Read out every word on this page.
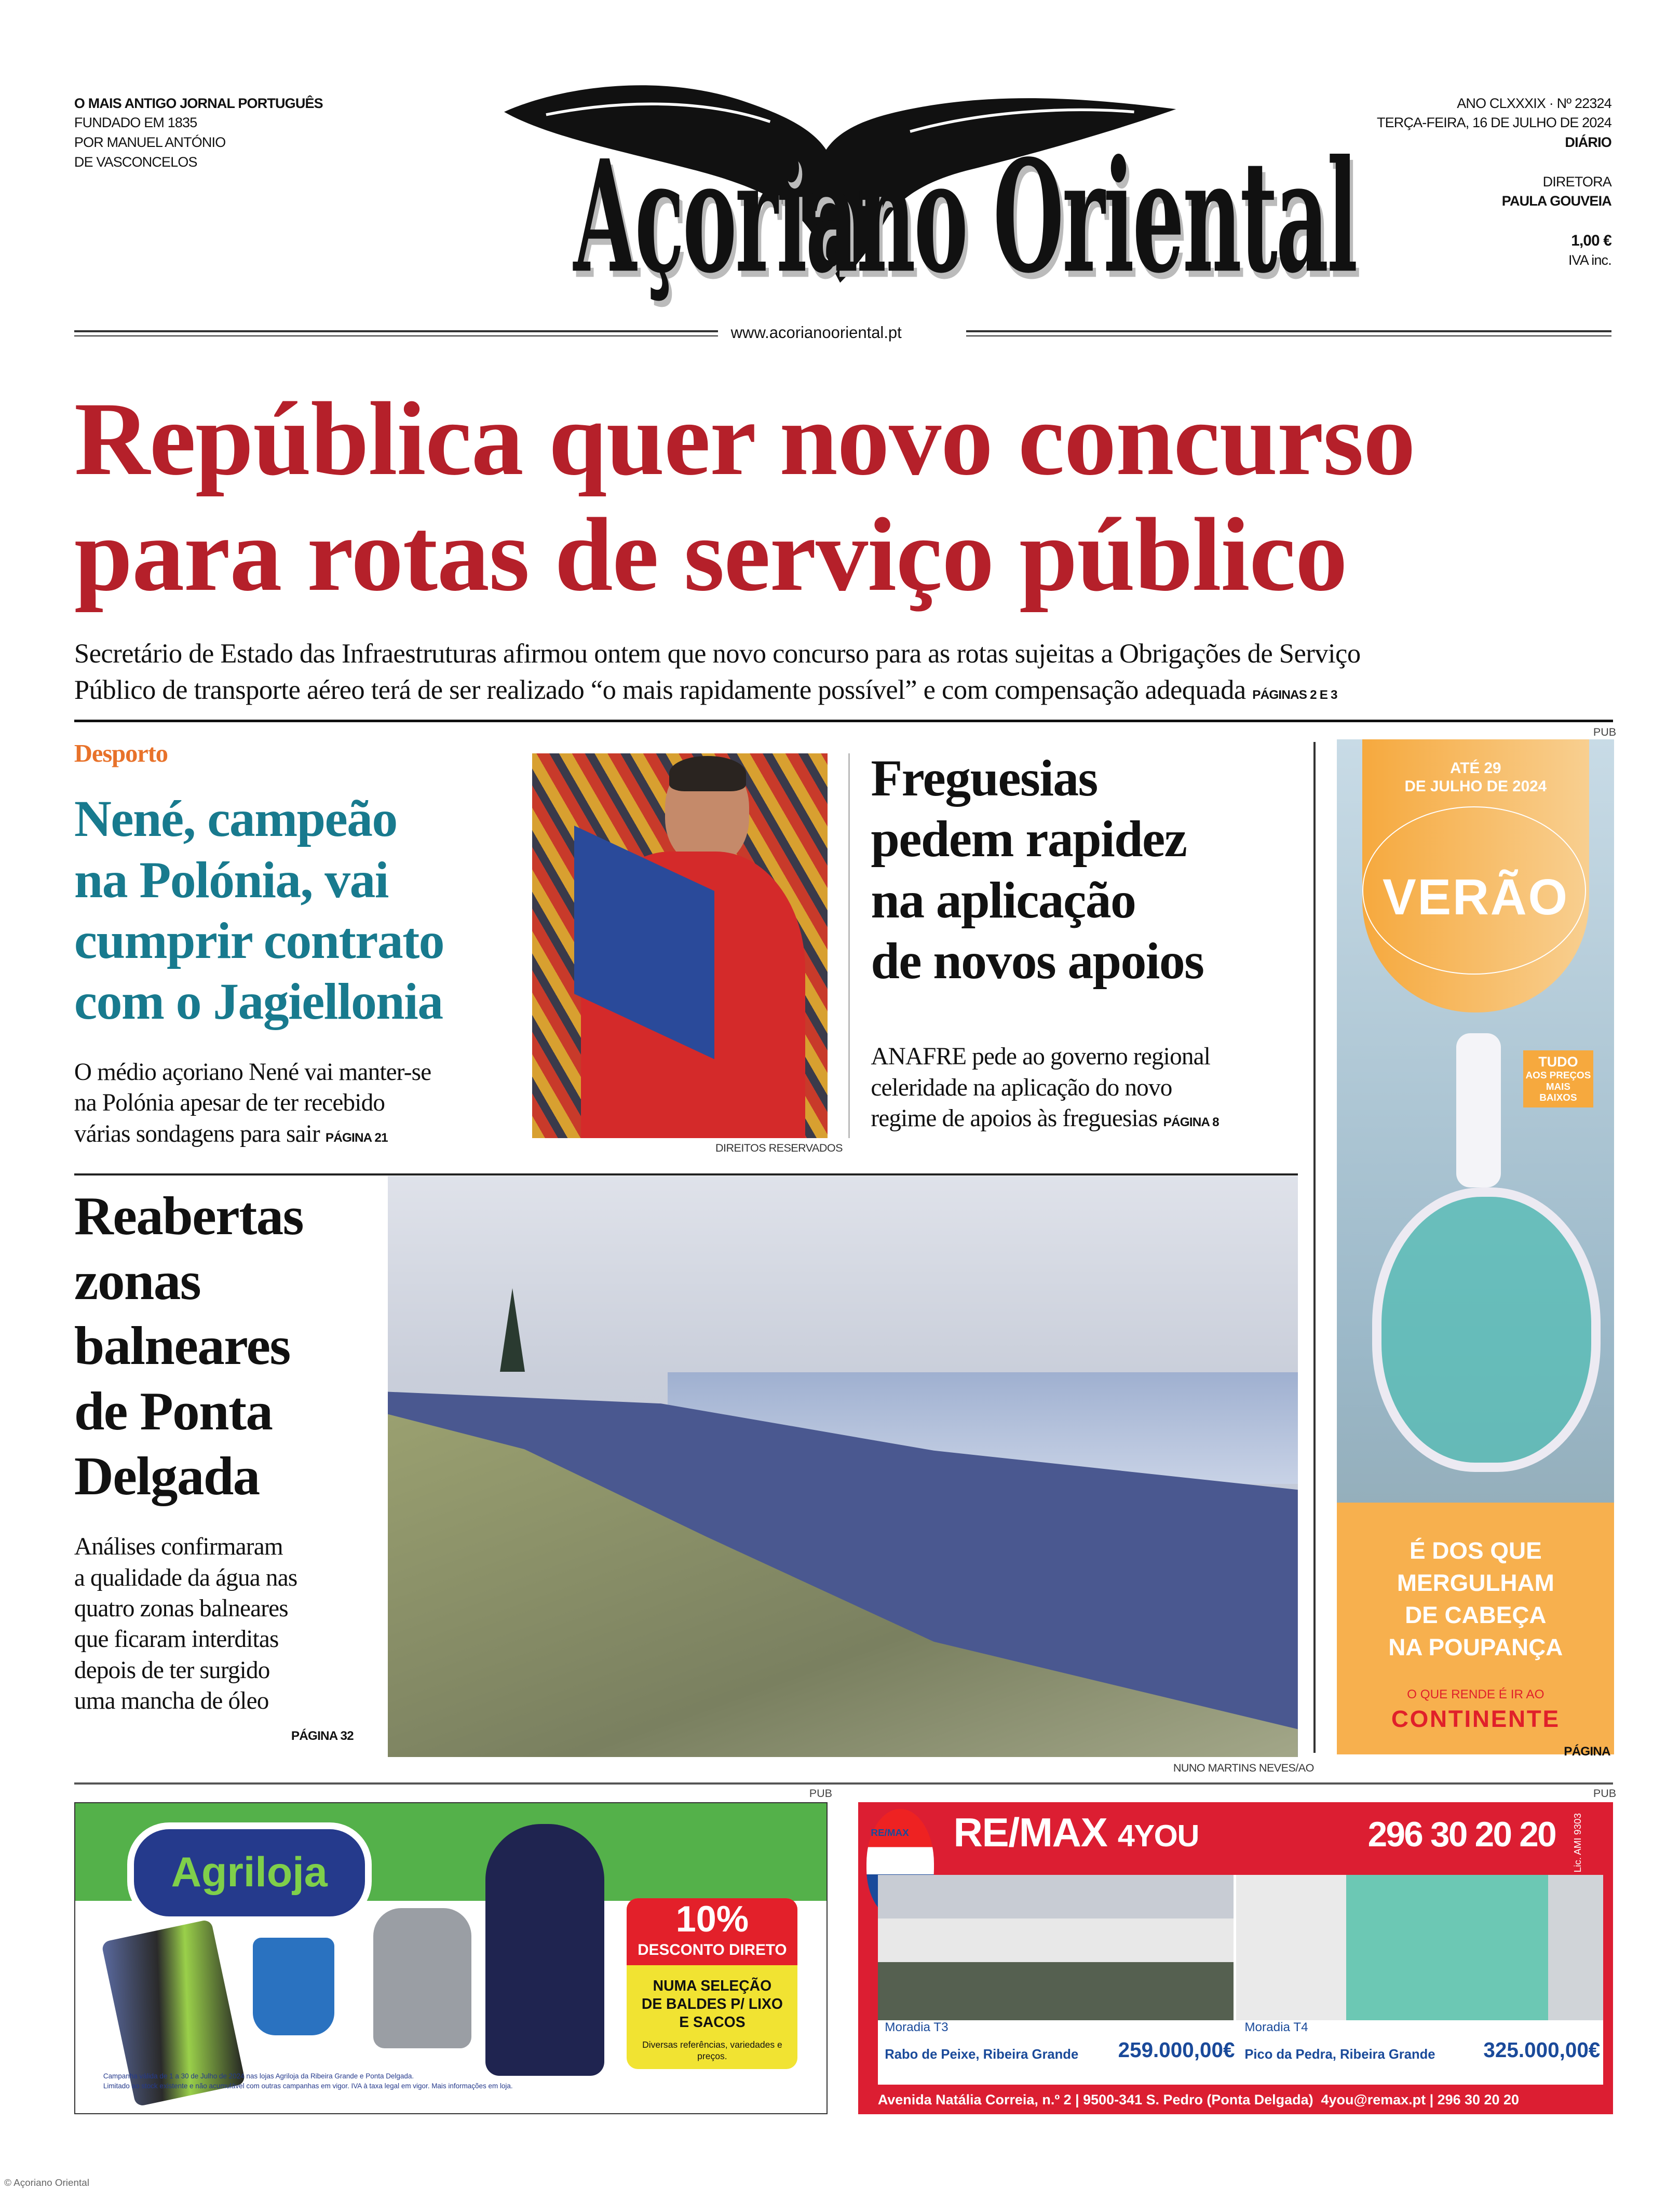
O MAIS ANTIGO JORNAL PORTUGUÊS
FUNDADO EM 1835
POR MANUEL ANTÓNIO
DE VASCONCELOS	Açoriano Oriental
ANO CLXXXIX · Nº 22324
TERÇA-FEIRA, 16 DE JULHO DE 2024
DIÁRIO
DIRETORA
PAULA GOUVEIA
1,00 €
IVA inc.
www.acorianooriental.pt
República quer novo concurso
para rotas de serviço público
Secretário de Estado das Infraestruturas afirmou ontem que novo concurso para as rotas sujeitas a Obrigações de Serviço
Público de transporte aéreo terá de ser realizado “o mais rapidamente possível” e com compensação adequada PÁGINAS 2 E 3
PUB
Desporto
Nené, campeão
na Polónia, vai
cumprir contrato
com o Jagiellonia
O médio açoriano Nené vai manter-se
na Polónia apesar de ter recebido
várias sondagens para sair PÁGINA 21
DIREITOS RESERVADOS
Freguesias
pedem rapidez
na aplicação
de novos apoios
ANAFRE pede ao governo regional
celeridade na aplicação do novo
regime de apoios às freguesias PÁGINA 8
Reabertas
zonas
balneares
de Ponta
Delgada
Análises confirmaram
a qualidade da água nas
quatro zonas balneares
que ficaram interditas
depois de ter surgido
uma mancha de óleo
PÁGINA 32
NUNO MARTINS NEVES/AO
ATÉ 29
DE JULHO DE 2024
VERÃO
TUDO
AOS PREÇOS
MAIS
BAIXOS
É DOS QUE
MERGULHAM
DE CABEÇA
NA POUPANÇA
O QUE RENDE É IR AO
CONTINENTE
PÁGINA
PUB	PUB
Agriloja
10%
DESCONTO DIRETO
NUMA SELEÇÃO
DE BALDES P/ LIXO
E SACOS
Diversas referências, variedades e preços.
Campanha válida de 1 a 30 de Julho de 2024 nas lojas Agriloja da Ribeira Grande e Ponta Delgada.
Limitado ao stock existente e não acumulável com outras campanhas em vigor. IVA à taxa legal em vigor. Mais informações em loja.
RE/MAX	RE/MAX 4YOU	296 30 20 20	Lic. AMI 9303
Moradia T3
Rabo de Peixe, Ribeira Grande	259.000,00€
Moradia T4
Pico da Pedra, Ribeira Grande	325.000,00€
123541006-242	123541125-115
Avenida Natália Correia, n.º 2 | 9500-341 S. Pedro (Ponta Delgada)  4you@remax.pt | 296 30 20 20
© Açoriano Oriental
